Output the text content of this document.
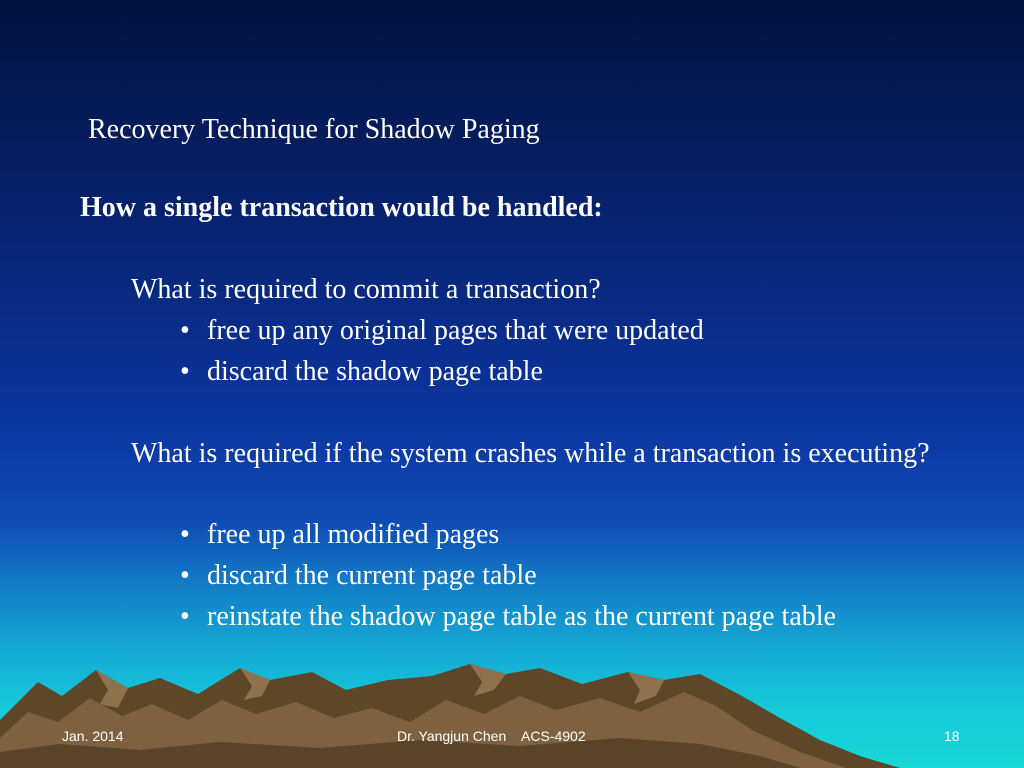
Recovery Technique for Shadow Paging
How a single transaction would be handled:
What is required to commit a transaction?
• free up any original pages that were updated
• discard the shadow page table
What is required if the system crashes while a transaction is executing?
• free up all modified pages
• discard the current page table
• reinstate the shadow page table as the current page table
Jan. 2014	Dr. Yangjun Chen    ACS-4902	18
